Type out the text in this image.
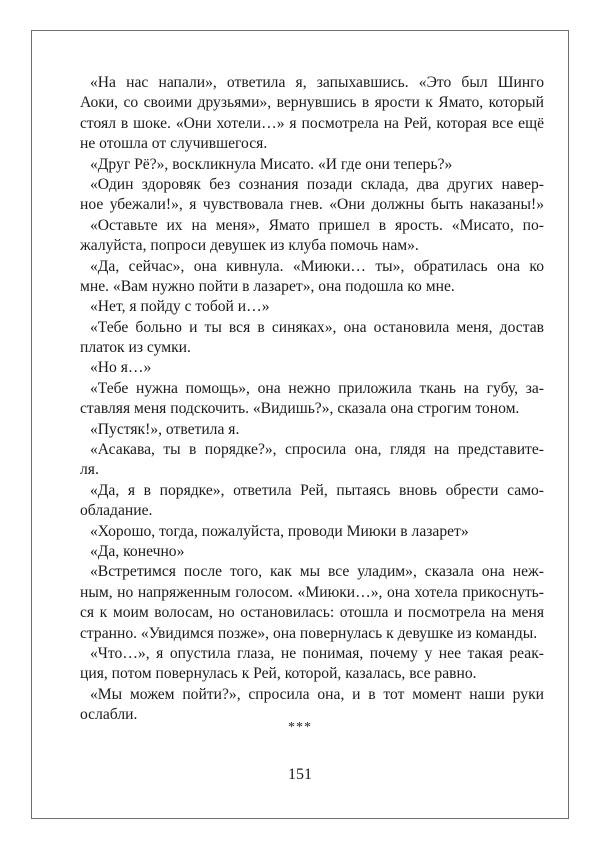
«На нас напали», ответила я, запыхавшись. «Это был Шинго
Аоки, со своими друзьями», вернувшись в ярости к Ямато, который
стоял в шоке. «Они хотели…» я посмотрела на Рей, которая все ещё
не отошла от случившегося.
«Друг Рё?», воскликнула Мисато. «И где они теперь?»
«Один здоровяк без сознания позади склада, два других навер-
ное убежали!», я чувствовала гнев. «Они должны быть наказаны!»
«Оставьте их на меня», Ямато пришел в ярость. «Мисато, по-
жалуйста, попроси девушек из клуба помочь нам».
«Да, сейчас», она кивнула. «Миюки… ты», обратилась она ко
мне. «Вам нужно пойти в лазарет», она подошла ко мне.
«Нет, я пойду с тобой и…»
«Тебе больно и ты вся в синяках», она остановила меня, достав
платок из сумки.
«Но я…»
«Тебе нужна помощь», она нежно приложила ткань на губу, за-
ставляя меня подскочить. «Видишь?», сказала она строгим тоном.
«Пустяк!», ответила я.
«Асакава, ты в порядке?», спросила она, глядя на представите-
ля.
«Да, я в порядке», ответила Рей, пытаясь вновь обрести само-
обладание.
«Хорошо, тогда, пожалуйста, проводи Миюки в лазарет»
«Да, конечно»
«Встретимся после того, как мы все уладим», сказала она неж-
ным, но напряженным голосом. «Миюки…», она хотела прикоснуть-
ся к моим волосам, но остановилась: отошла и посмотрела на меня
странно. «Увидимся позже», она повернулась к девушке из команды.
«Что…», я опустила глаза, не понимая, почему у нее такая реак-
ция, потом повернулась к Рей, которой, казалась, все равно.
«Мы можем пойти?», спросила она, и в тот момент наши руки
ослабли.
***
151
